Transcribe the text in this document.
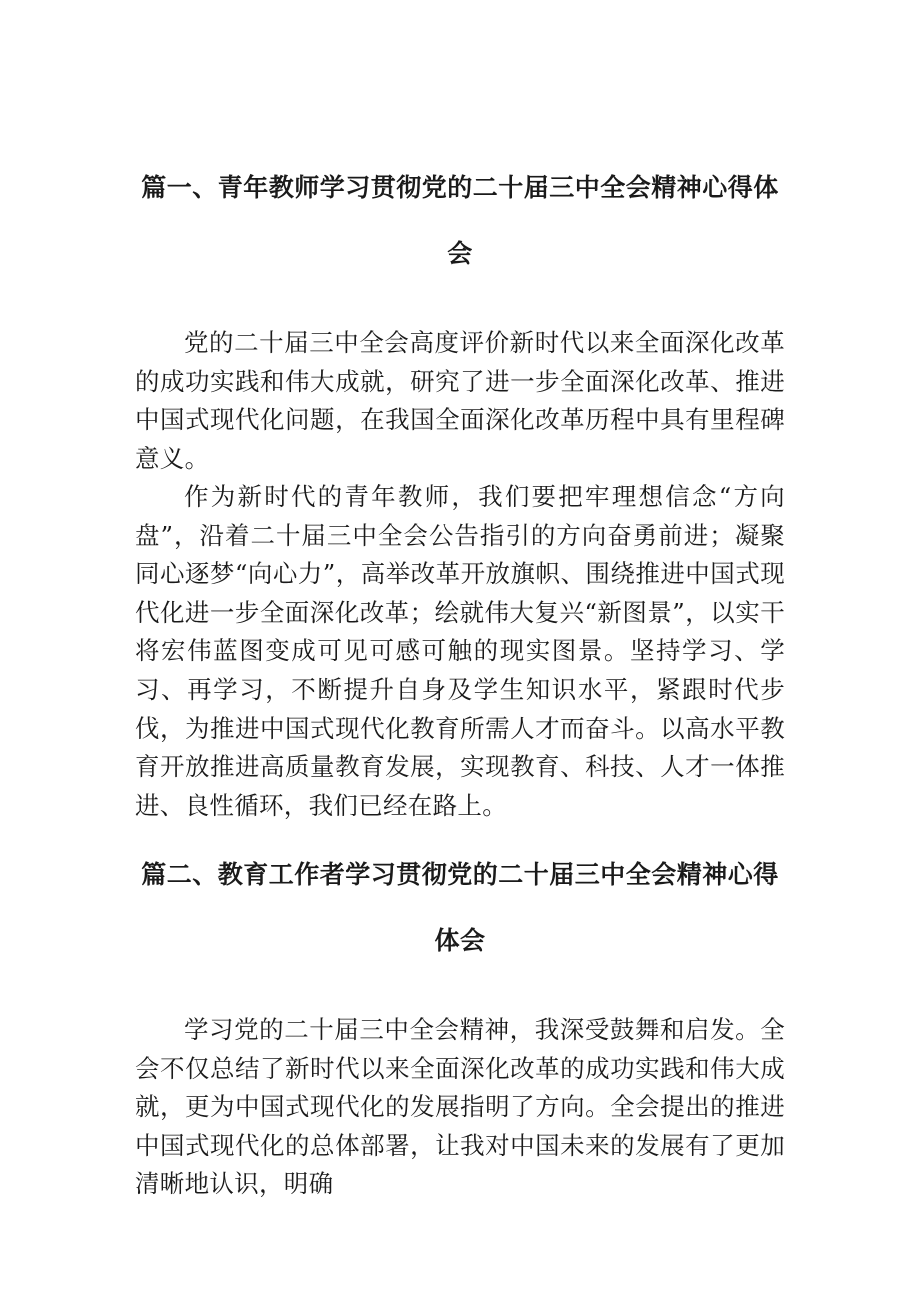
篇一、青年教师学习贯彻党的二十届三中全会精神心得体
会

党的二十届三中全会高度评价新时代以来全面深化改革的成功实践和伟大成就，研究了进一步全面深化改革、推进中国式现代化问题，在我国全面深化改革历程中具有里程碑意义。

作为新时代的青年教师，我们要把牢理想信念“方向盘”，沿着二十届三中全会公告指引的方向奋勇前进；凝聚同心逐梦“向心力”，高举改革开放旗帜、围绕推进中国式现代化进一步全面深化改革；绘就伟大复兴“新图景”，以实干将宏伟蓝图变成可见可感可触的现实图景。坚持学习、学习、再学习，不断提升自身及学生知识水平，紧跟时代步伐，为推进中国式现代化教育所需人才而奋斗。以高水平教育开放推进高质量教育发展，实现教育、科技、人才一体推进、良性循环，我们已经在路上。

篇二、教育工作者学习贯彻党的二十届三中全会精神心得
体会

学习党的二十届三中全会精神，我深受鼓舞和启发。全会不仅总结了新时代以来全面深化改革的成功实践和伟大成就，更为中国式现代化的发展指明了方向。全会提出的推进中国式现代化的总体部署，让我对中国未来的发展有了更加清晰地认识，明确
